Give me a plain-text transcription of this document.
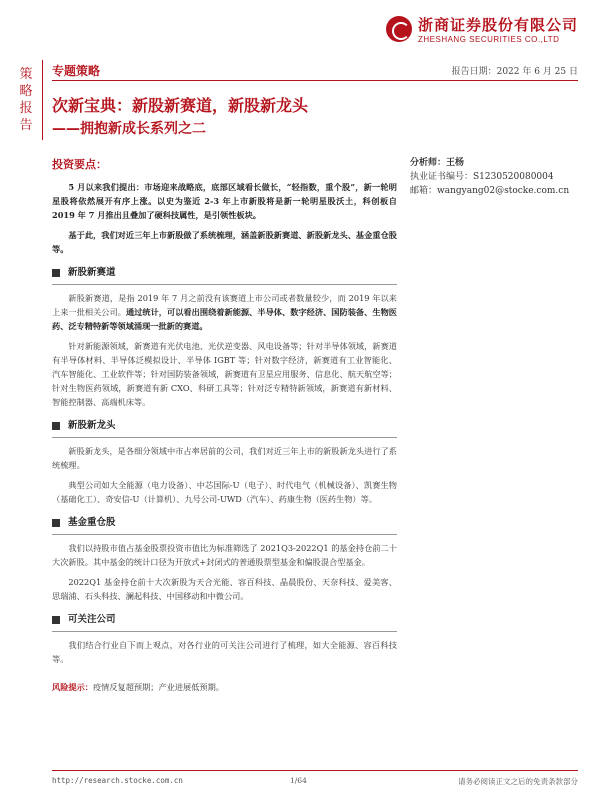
浙商证券股份有限公司
ZHESHANG SECURITIES CO.,LTD
策略报告
专题策略	报告日期：2022 年 6 月 25 日
次新宝典：新股新赛道，新股新龙头
——拥抱新成长系列之二
分析师：王杨
执业证书编号：S1230520080004
邮箱：wangyang02@stocke.com.cn
投资要点：

5 月以来我们提出：市场迎来战略底，底部区域看长做长，“轻指数，重个股”，新一轮明星股将依然展开有序上涨。以史为鉴近 2-3 年上市新股将是新一轮明星股沃土，科创板自 2019 年 7 月推出且叠加了硬科技属性，是引领性板块。

基于此，我们对近三年上市新股做了系统梳理，涵盖新股新赛道、新股新龙头、基金重仓股等。

新股新赛道

新股新赛道，是指 2019 年 7 月之前没有该赛道上市公司或者数量较少，而 2019 年以来上来一批相关公司。通过统计，可以看出围绕着新能源、半导体、数字经济、国防装备、生物医药、泛专精特新等领域涌现一批新的赛道。

针对新能源领域，新赛道有光伏电池、光伏逆变器、风电设备等；针对半导体领域，新赛道有半导体材料、半导体泛模拟设计、半导体 IGBT 等；针对数字经济，新赛道有工业智能化、汽车智能化、工业软件等；针对国防装备领域，新赛道有卫星应用服务、信息化、航天航空等；针对生物医药领域，新赛道有新 CXO、科研工具等；针对泛专精特新领域，新赛道有新材料、智能控制器、高端机床等。

新股新龙头

新股新龙头，是各细分领域中市占率居前的公司，我们对近三年上市的新股新龙头进行了系统梳理。

典型公司如大全能源（电力设备）、中芯国际-U（电子）、时代电气（机械设备）、凯赛生物（基础化工）、奇安信-U（计算机）、九号公司-UWD（汽车）、药康生物（医药生物）等。

基金重仓股

我们以持股市值占基金股票投资市值比为标准筛选了 2021Q3-2022Q1 的基金持仓前二十大次新股。其中基金的统计口径为开放式+封闭式的普通股票型基金和偏股混合型基金。

2022Q1 基金持仓前十大次新股为天合光能、容百科技、晶晨股份、天奈科技、爱美客、思瑞浦、石头科技、澜起科技、中国移动和中微公司。

可关注公司

我们结合行业自下而上观点，对各行业的可关注公司进行了梳理，如大全能源、容百科技等。

风险提示：疫情反复超预期；产业进展低预期。
http://research.stocke.com.cn	1/64	请务必阅读正文之后的免责条款部分
